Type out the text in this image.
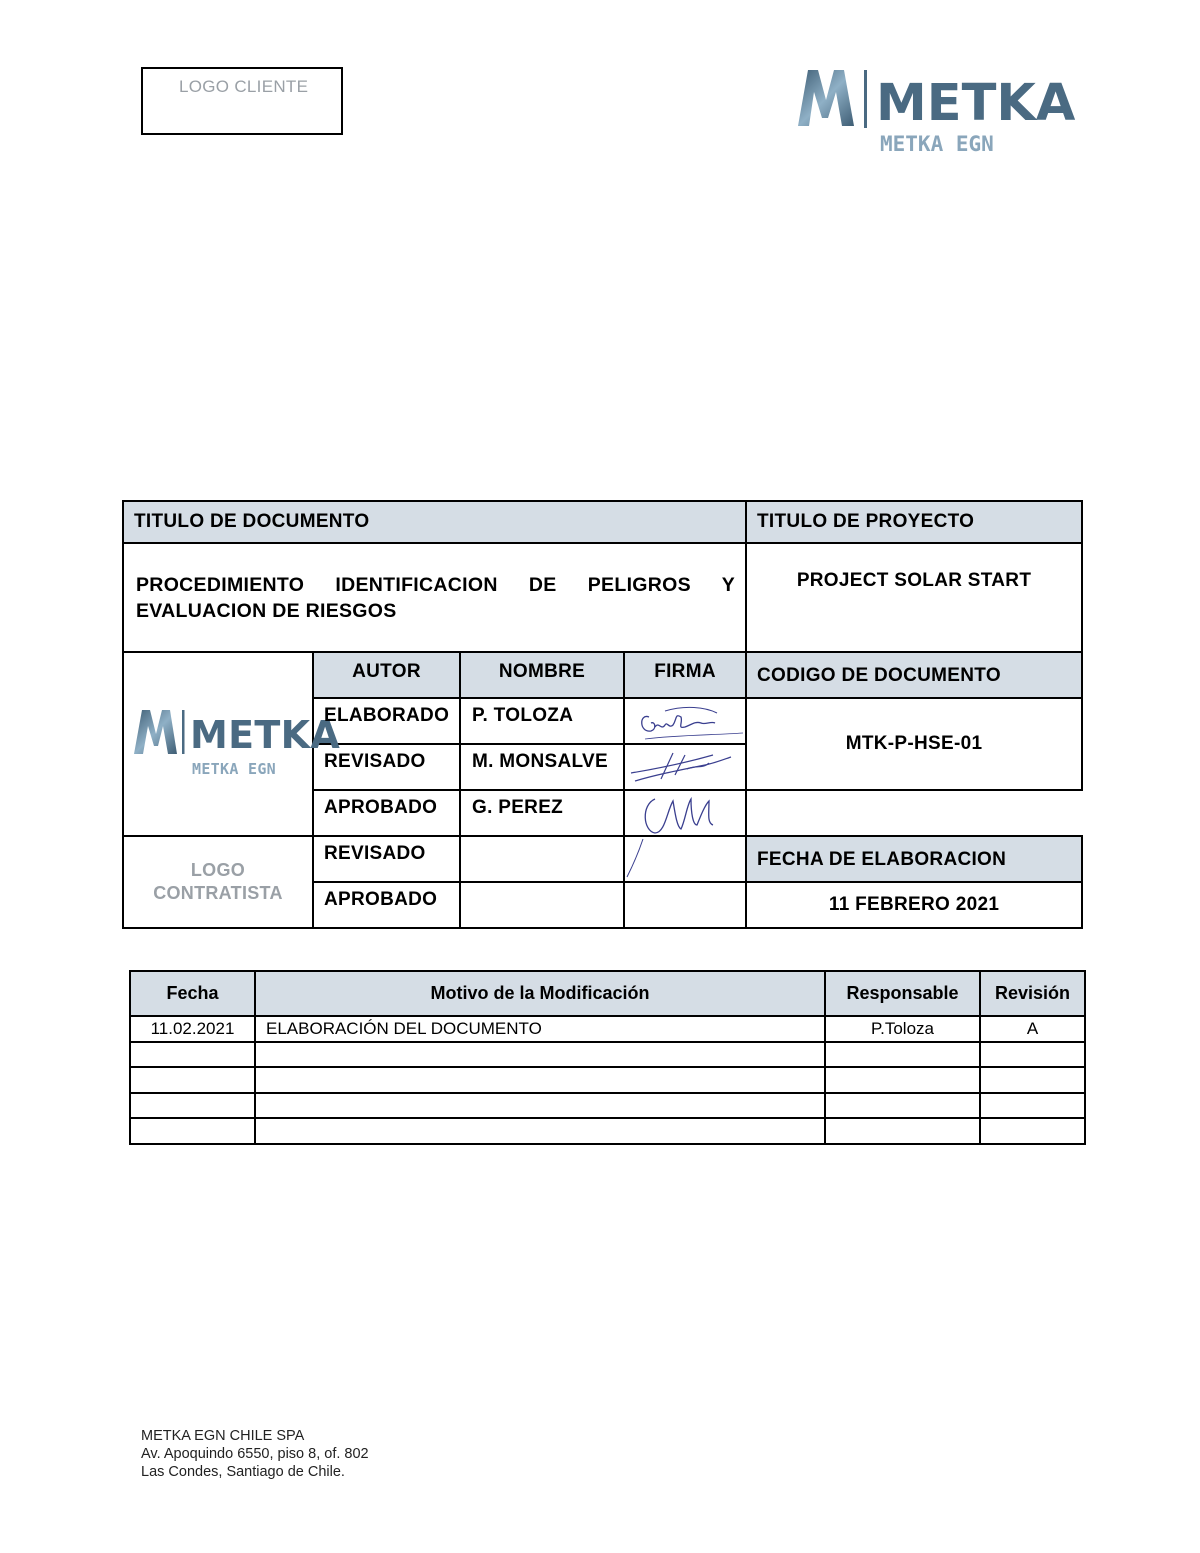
LOGO CLIENTE	METKA
METKA EGN
TITULO DE DOCUMENTO				TITULO DE PROYECTO
PROCEDIMIENTO IDENTIFICACION DE PELIGROS Y EVALUACION DE RIESGOS				PROJECT SOLAR START

METKA
METKA EGN	AUTOR	NOMBRE	FIRMA	CODIGO DE DOCUMENTO
	ELABORADO	P. TOLOZA		MTK-P-HSE-01
	REVISADO	M. MONSALVE	

	APROBADO	G. PEREZ	

LOGO
CONTRATISTA	REVISADO			FECHA DE ELABORACION
	APROBADO			11 FEBRERO 2021
Fecha	Motivo de la Modificación	Responsable	Revisión
11.02.2021	ELABORACIÓN DEL DOCUMENTO	P.Toloza	A

METKA EGN CHILE SPA
Av. Apoquindo 6550, piso 8, of. 802
Las Condes, Santiago de Chile.
